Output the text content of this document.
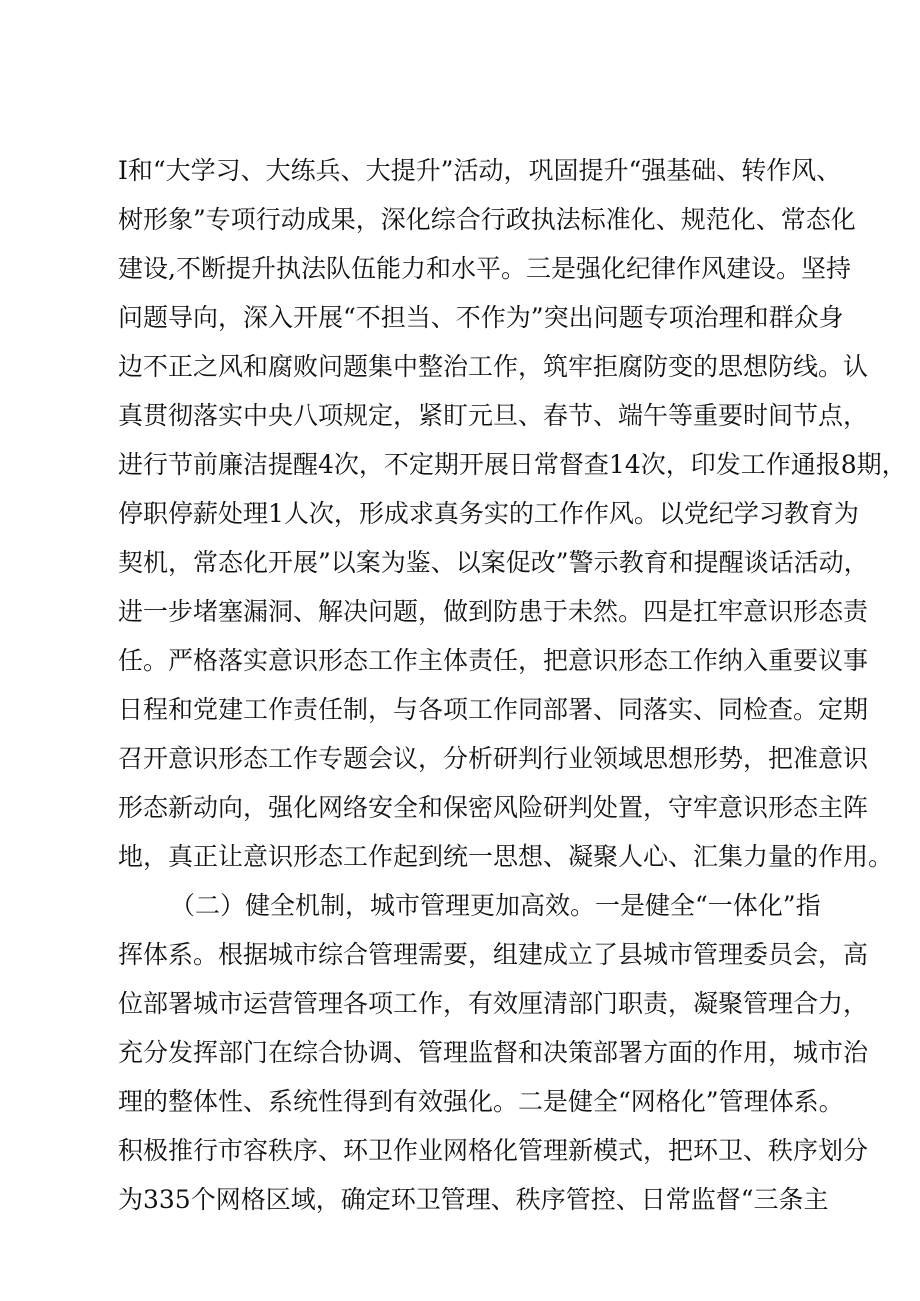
I和“大学习、大练兵、大提升”活动，巩固提升“强基础、转作风、
树形象”专项行动成果，深化综合行政执法标准化、规范化、常态化
建设,不断提升执法队伍能力和水平。三是强化纪律作风建设。坚持
问题导向，深入开展“不担当、不作为”突出问题专项治理和群众身
边不正之风和腐败问题集中整治工作，筑牢拒腐防变的思想防线。认
真贯彻落实中央八项规定，紧盯元旦、春节、端午等重要时间节点，
进行节前廉洁提醒4次，不定期开展日常督查14次，印发工作通报8期，
停职停薪处理1人次，形成求真务实的工作作风。以党纪学习教育为
契机，常态化开展”以案为鉴、以案促改”警示教育和提醒谈话活动，
进一步堵塞漏洞、解决问题，做到防患于未然。四是扛牢意识形态责
任。严格落实意识形态工作主体责任，把意识形态工作纳入重要议事
日程和党建工作责任制，与各项工作同部署、同落实、同检查。定期
召开意识形态工作专题会议，分析研判行业领域思想形势，把准意识
形态新动向，强化网络安全和保密风险研判处置，守牢意识形态主阵
地，真正让意识形态工作起到统一思想、凝聚人心、汇集力量的作用。
（二）健全机制，城市管理更加高效。一是健全“一体化”指
挥体系。根据城市综合管理需要，组建成立了县城市管理委员会，高
位部署城市运营管理各项工作，有效厘清部门职责，凝聚管理合力，
充分发挥部门在综合协调、管理监督和决策部署方面的作用，城市治
理的整体性、系统性得到有效强化。二是健全“网格化”管理体系。
积极推行市容秩序、环卫作业网格化管理新模式，把环卫、秩序划分
为335个网格区域，确定环卫管理、秩序管控、日常监督“三条主
